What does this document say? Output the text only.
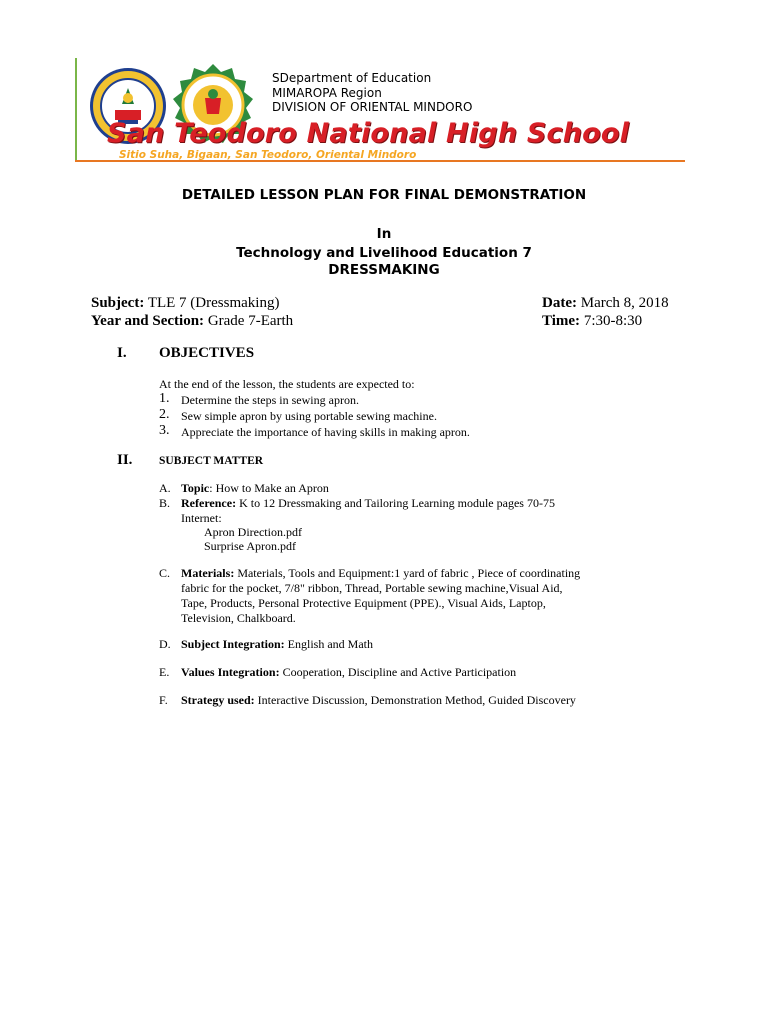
SDepartment of Education
MIMAROPA Region
DIVISION OF ORIENTAL MINDORO
San Teodoro National High School
Sitio Suha, Bigaan, San Teodoro, Oriental Mindoro
DETAILED LESSON PLAN FOR FINAL DEMONSTRATION
In
Technology and Livelihood Education 7
DRESSMAKING
Subject: TLE 7 (Dressmaking)
Year and Section: Grade 7-Earth
Date: March 8, 2018
Time: 7:30-8:30
I. OBJECTIVES
At the end of the lesson, the students are expected to:
1. Determine the steps in sewing apron.
2. Sew simple apron by using portable sewing machine.
3. Appreciate the importance of having skills in making apron.
II. SUBJECT MATTER
A. Topic: How to Make an Apron
B. Reference: K to 12 Dressmaking and Tailoring Learning module pages 70-75
Internet:
Apron Direction.pdf
Surprise Apron.pdf
C. Materials: Materials, Tools and Equipment:1 yard of fabric , Piece of coordinating
fabric for the pocket, 7/8" ribbon, Thread, Portable sewing machine,Visual Aid,
Tape, Products, Personal Protective Equipment (PPE)., Visual Aids, Laptop,
Television, Chalkboard.
D. Subject Integration: English and Math
E. Values Integration: Cooperation, Discipline and Active Participation
F. Strategy used: Interactive Discussion, Demonstration Method, Guided Discovery
